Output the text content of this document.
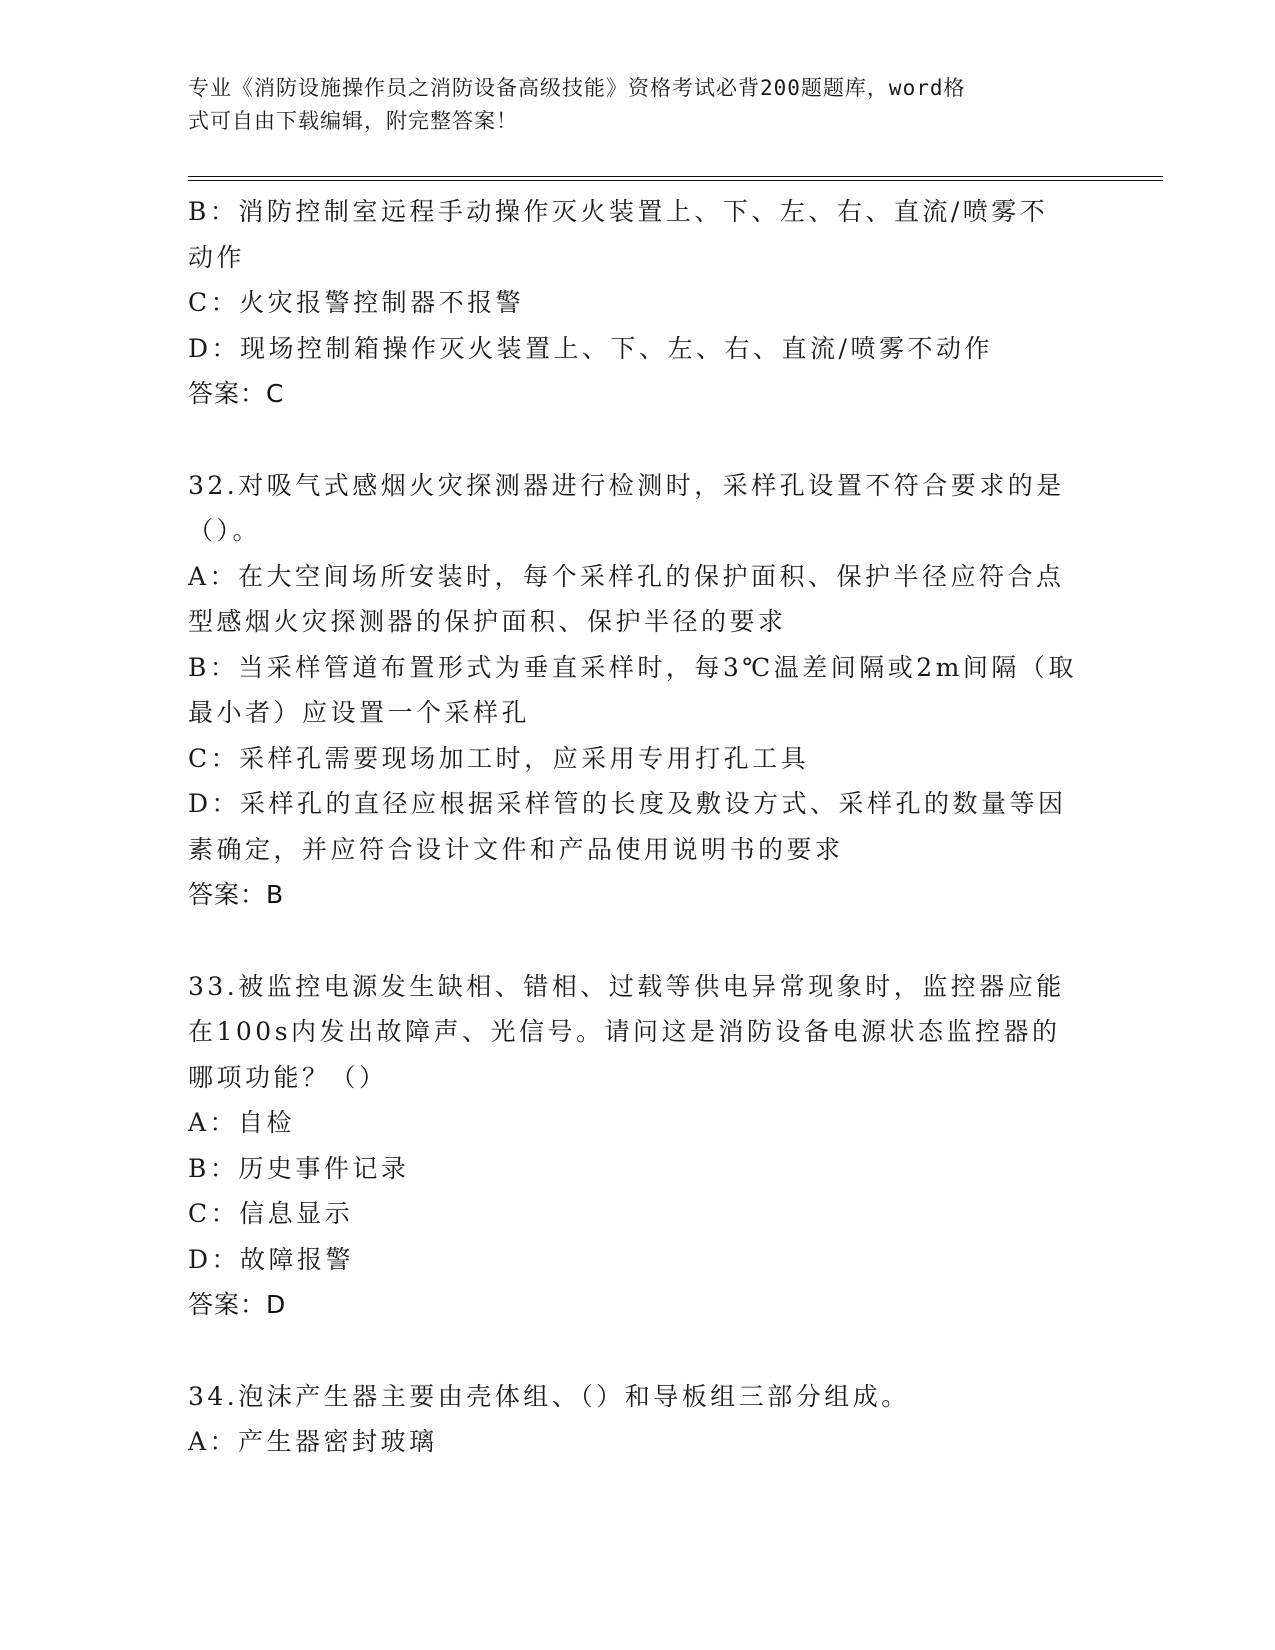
专业《消防设施操作员之消防设备高级技能》资格考试必背200题题库，word格
式可自由下载编辑，附完整答案！
B：消防控制室远程手动操作灭火装置上、下、左、右、直流/喷雾不
动作
C：火灾报警控制器不报警
D：现场控制箱操作灭火装置上、下、左、右、直流/喷雾不动作
答案：C
32.对吸气式感烟火灾探测器进行检测时，采样孔设置不符合要求的是
（）。
A：在大空间场所安装时，每个采样孔的保护面积、保护半径应符合点
型感烟火灾探测器的保护面积、保护半径的要求
B：当采样管道布置形式为垂直采样时，每3℃温差间隔或2m间隔（取
最小者）应设置一个采样孔
C：采样孔需要现场加工时，应采用专用打孔工具
D：采样孔的直径应根据采样管的长度及敷设方式、采样孔的数量等因
素确定，并应符合设计文件和产品使用说明书的要求
答案：B
33.被监控电源发生缺相、错相、过载等供电异常现象时，监控器应能
在100s内发出故障声、光信号。请问这是消防设备电源状态监控器的
哪项功能？（）
A：自检
B：历史事件记录
C：信息显示
D：故障报警
答案：D
34.泡沫产生器主要由壳体组、（）和导板组三部分组成。
A：产生器密封玻璃
